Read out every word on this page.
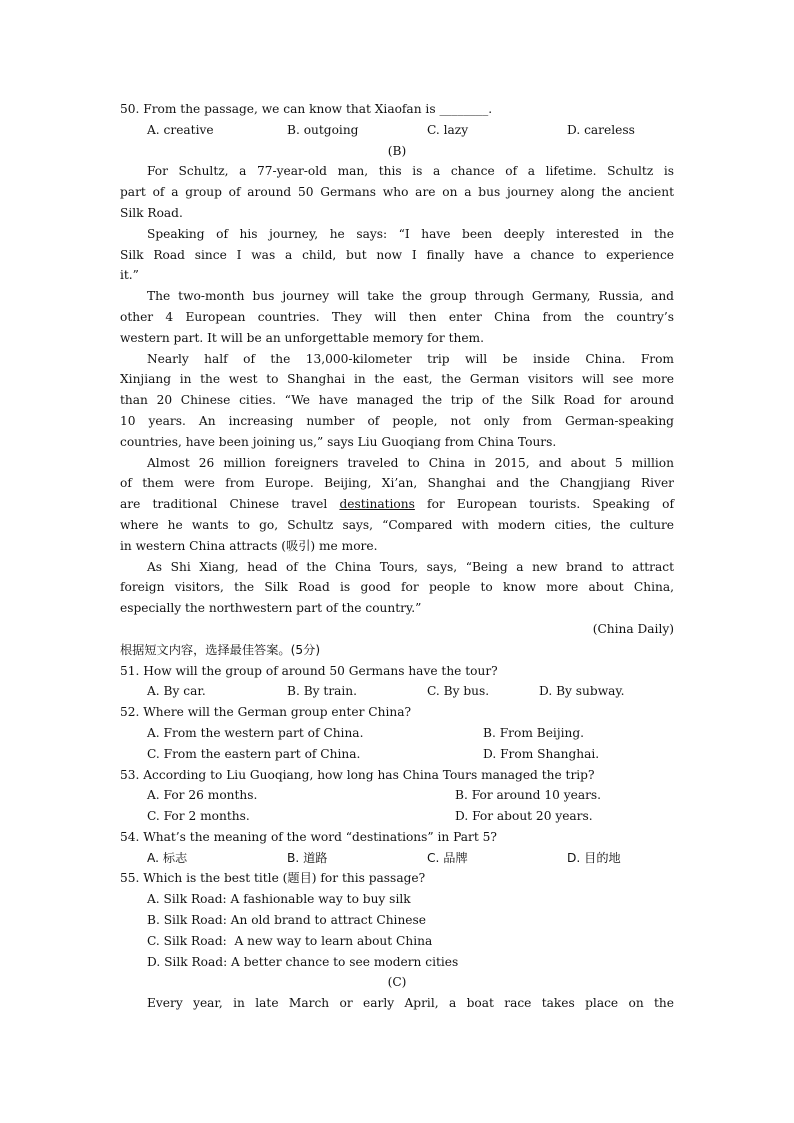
50. From the passage, we can know that Xiaofan is ________.
A. creative	B. outgoing	C. lazy	D. careless
(B)
For Schultz, a 77-year-old man, this is a chance of a lifetime. Schultz is
part of a group of around 50 Germans who are on a bus journey along the ancient
Silk Road.
Speaking of his journey, he says: “I have been deeply interested in the
Silk Road since I was a child, but now I finally have a chance to experience
it.”
The two-month bus journey will take the group through Germany, Russia, and
other 4 European countries. They will then enter China from the country’s
western part. It will be an unforgettable memory for them.
Nearly half of the 13,000-kilometer trip will be inside China. From
Xinjiang in the west to Shanghai in the east, the German visitors will see more
than 20 Chinese cities. “We have managed the trip of the Silk Road for around
10 years. An increasing number of people, not only from German-speaking
countries, have been joining us,” says Liu Guoqiang from China Tours.
Almost 26 million foreigners traveled to China in 2015, and about 5 million
of them were from Europe. Beijing, Xi’an, Shanghai and the Changjiang River
are traditional Chinese travel destinations for European tourists. Speaking of
where he wants to go, Schultz says, “Compared with modern cities, the culture
in western China attracts (吸引) me more.
As Shi Xiang, head of the China Tours, says, “Being a new brand to attract
foreign visitors, the Silk Road is good for people to know more about China,
especially the northwestern part of the country.”
(China Daily)
根据短文内容，选择最佳答案。(5分)
51. How will the group of around 50 Germans have the tour?
A. By car.	B. By train.	C. By bus.	D. By subway.
52. Where will the German group enter China?
A. From the western part of China.	B. From Beijing.
C. From the eastern part of China.	D. From Shanghai.
53. According to Liu Guoqiang, how long has China Tours managed the trip?
A. For 26 months.	B. For around 10 years.
C. For 2 months.	D. For about 20 years.
54. What’s the meaning of the word “destinations” in Part 5?
A. 标志	B. 道路	C. 品牌	D. 目的地
55. Which is the best title (题目) for this passage?
A. Silk Road: A fashionable way to buy silk
B. Silk Road: An old brand to attract Chinese
C. Silk Road:  A new way to learn about China
D. Silk Road: A better chance to see modern cities
(C)
Every year, in late March or early April, a boat race takes place on the
